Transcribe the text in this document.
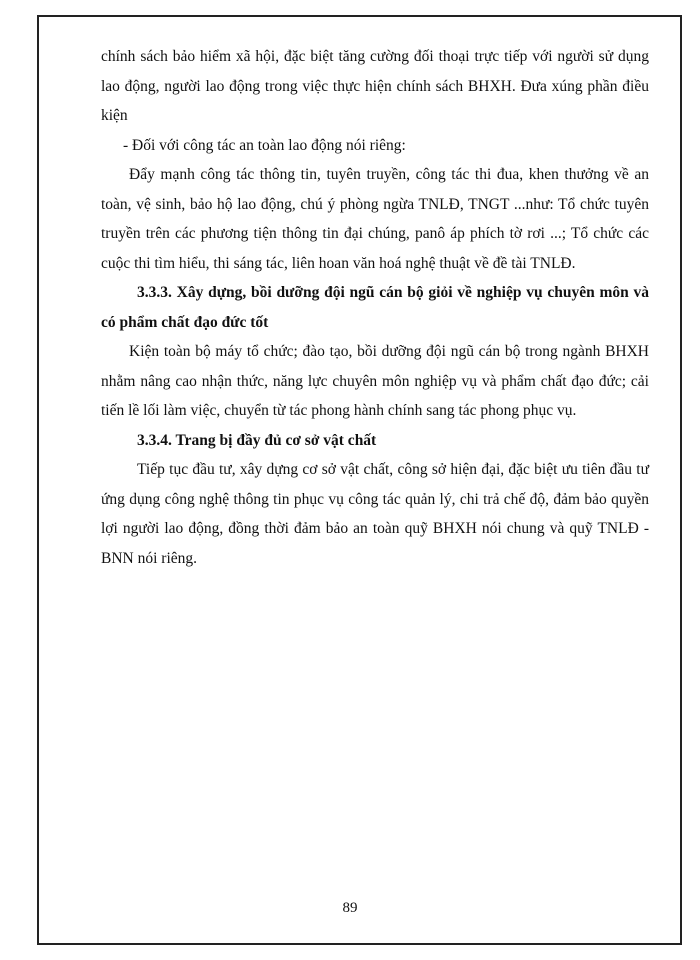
chính sách bảo hiểm xã hội, đặc biệt tăng cường đối thoại trực tiếp với người sử dụng lao động, người lao động trong việc thực hiện chính sách BHXH. Đưa xúng phần điều kiện

- Đối với công tác an toàn lao động nói riêng:

Đẩy mạnh công tác thông tin, tuyên truyền, công tác thi đua, khen thưởng về an toàn, vệ sinh, bảo hộ lao động, chú ý phòng ngừa TNLĐ, TNGT ...như: Tổ chức tuyên truyền trên các phương tiện thông tin đại chúng, panô áp phích tờ rơi ...; Tổ chức các cuộc thi tìm hiểu, thi sáng tác, liên hoan văn hoá nghệ thuật về đề tài TNLĐ.

3.3.3. Xây dựng, bồi dưỡng đội ngũ cán bộ giỏi về nghiệp vụ chuyên môn và có phẩm chất đạo đức tốt

Kiện toàn bộ máy tổ chức; đào tạo, bồi dưỡng đội ngũ cán bộ trong ngành BHXH nhằm nâng cao nhận thức, năng lực chuyên môn nghiệp vụ và phẩm chất đạo đức; cải tiến lề lối làm việc, chuyển từ tác phong hành chính sang tác phong phục vụ.

3.3.4. Trang bị đầy đủ cơ sở vật chất

Tiếp tục đầu tư, xây dựng cơ sở vật chất, công sở hiện đại, đặc biệt ưu tiên đầu tư ứng dụng công nghệ thông tin phục vụ công tác quản lý, chi trả chế độ, đảm bảo quyền lợi người lao động, đồng thời đảm bảo an toàn quỹ BHXH nói chung và quỹ TNLĐ - BNN nói riêng.

89
